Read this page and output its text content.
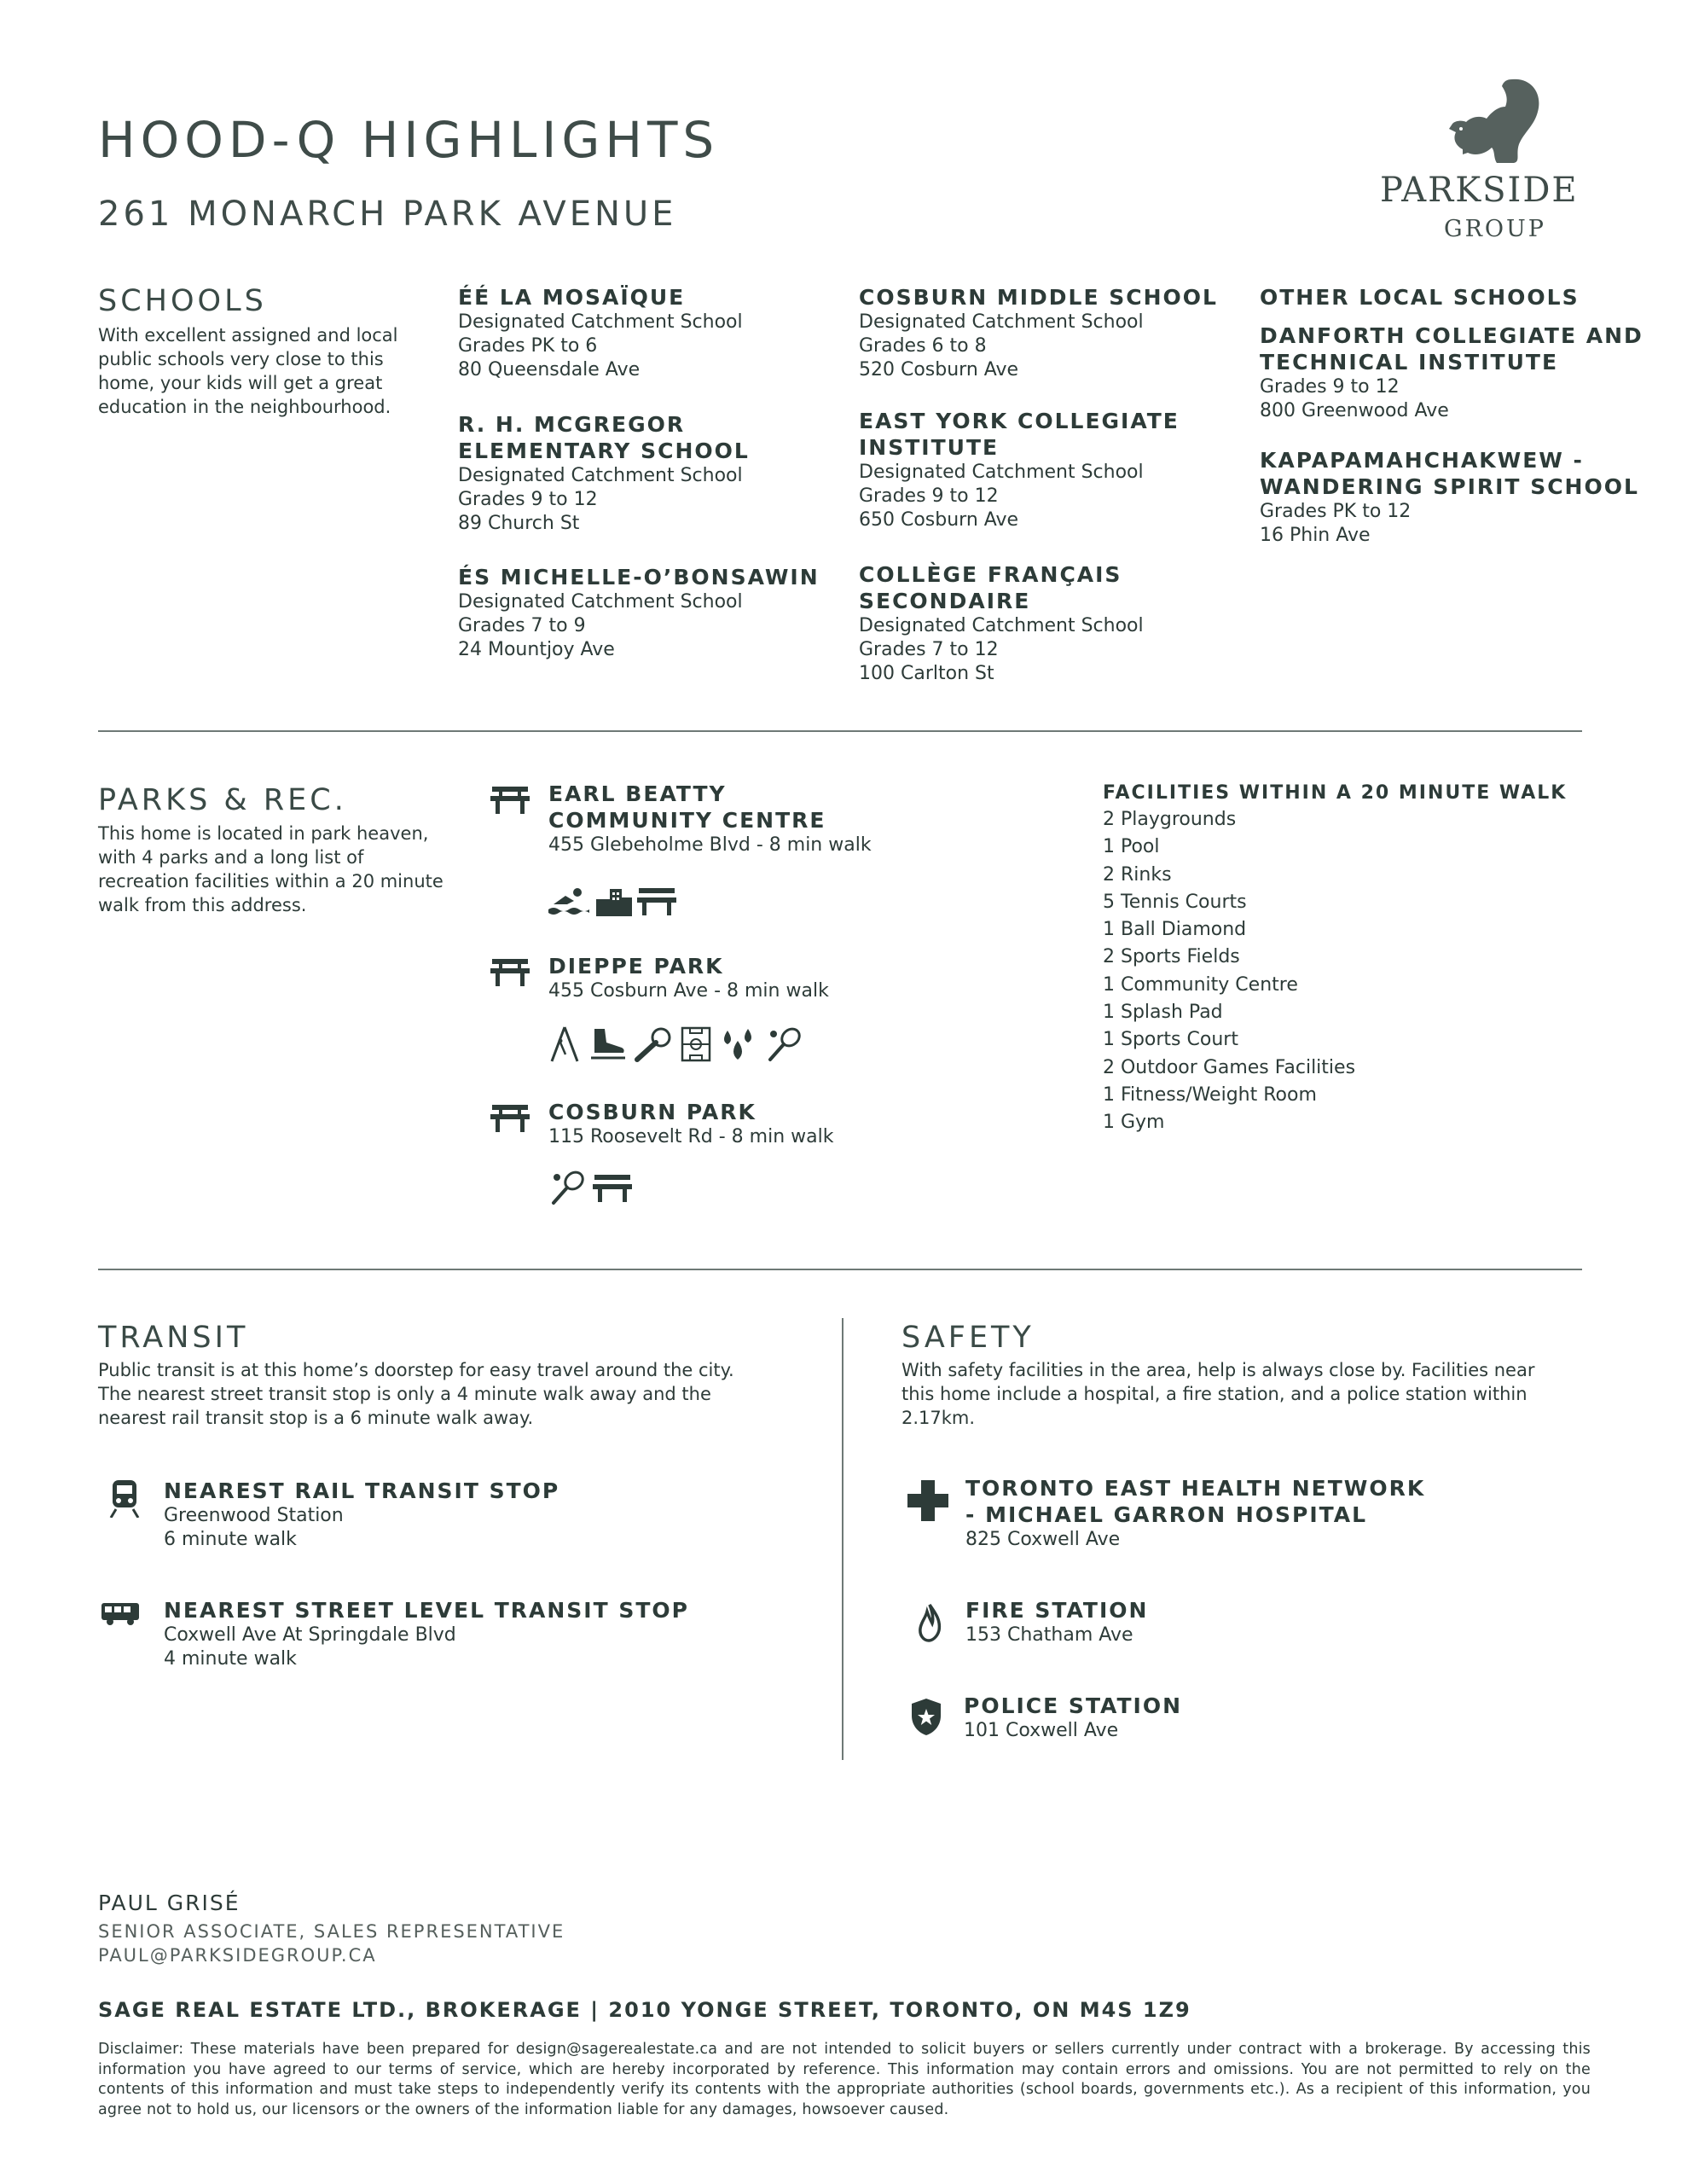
HOOD-Q HIGHLIGHTS
261 MONARCH PARK AVENUE
PARKSIDE
GROUP
SCHOOLS

With excellent assigned and local public schools very close to this home, your kids will get a great education in the neighbourhood.

ÉÉ LA MOSAÏQUE

Designated Catchment School

Grades PK to 6

80 Queensdale Ave

R. H. MCGREGOR ELEMENTARY SCHOOL

Designated Catchment School

Grades 9 to 12

89 Church St

ÉS MICHELLE-O’BONSAWIN

Designated Catchment School

Grades 7 to 9

24 Mountjoy Ave

COSBURN MIDDLE SCHOOL

Designated Catchment School

Grades 6 to 8

520 Cosburn Ave

EAST YORK COLLEGIATE INSTITUTE

Designated Catchment School

Grades 9 to 12

650 Cosburn Ave

COLLÈGE FRANÇAIS SECONDAIRE

Designated Catchment School

Grades 7 to 12

100 Carlton St

OTHER LOCAL SCHOOLS

DANFORTH COLLEGIATE AND TECHNICAL INSTITUTE

Grades 9 to 12

800 Greenwood Ave

KAPAPAMAHCHAKWEW - WANDERING SPIRIT SCHOOL

Grades PK to 12

16 Phin Ave

PARKS & REC.

This home is located in park heaven, with 4 parks and a long list of recreation facilities within a 20 minute walk from this address.

EARL BEATTY COMMUNITY CENTRE

455 Glebeholme Blvd - 8 min walk

DIEPPE PARK

455 Cosburn Ave - 8 min walk

COSBURN PARK

115 Roosevelt Rd - 8 min walk

FACILITIES WITHIN A 20 MINUTE WALK

2 Playgrounds

1 Pool

2 Rinks

5 Tennis Courts

1 Ball Diamond

2 Sports Fields

1 Community Centre

1 Splash Pad

1 Sports Court

2 Outdoor Games Facilities

1 Fitness/Weight Room

1 Gym

TRANSIT

Public transit is at this home’s doorstep for easy travel around the city. The nearest street transit stop is only a 4 minute walk away and the nearest rail transit stop is a 6 minute walk away.

NEAREST RAIL TRANSIT STOP

Greenwood Station

6 minute walk

NEAREST STREET LEVEL TRANSIT STOP

Coxwell Ave At Springdale Blvd

4 minute walk

SAFETY

With safety facilities in the area, help is always close by. Facilities near this home include a hospital, a fire station, and a police station within 2.17km.

TORONTO EAST HEALTH NETWORK - MICHAEL GARRON HOSPITAL

825 Coxwell Ave

FIRE STATION

153 Chatham Ave

POLICE STATION

101 Coxwell Ave

PAUL GRISÉ

SENIOR ASSOCIATE, SALES REPRESENTATIVE

PAUL@PARKSIDEGROUP.CA

SAGE REAL ESTATE LTD., BROKERAGE | 2010 YONGE STREET, TORONTO, ON M4S 1Z9

Disclaimer: These materials have been prepared for design@sagerealestate.ca and are not intended to solicit buyers or sellers currently under contract with a brokerage. By accessing this information you have agreed to our terms of service, which are hereby incorporated by reference. This information may contain errors and omissions. You are not permitted to rely on the contents of this information and must take steps to independently verify its contents with the appropriate authorities (school boards, governments etc.). As a recipient of this information, you agree not to hold us, our licensors or the owners of the information liable for any damages, howsoever caused.
